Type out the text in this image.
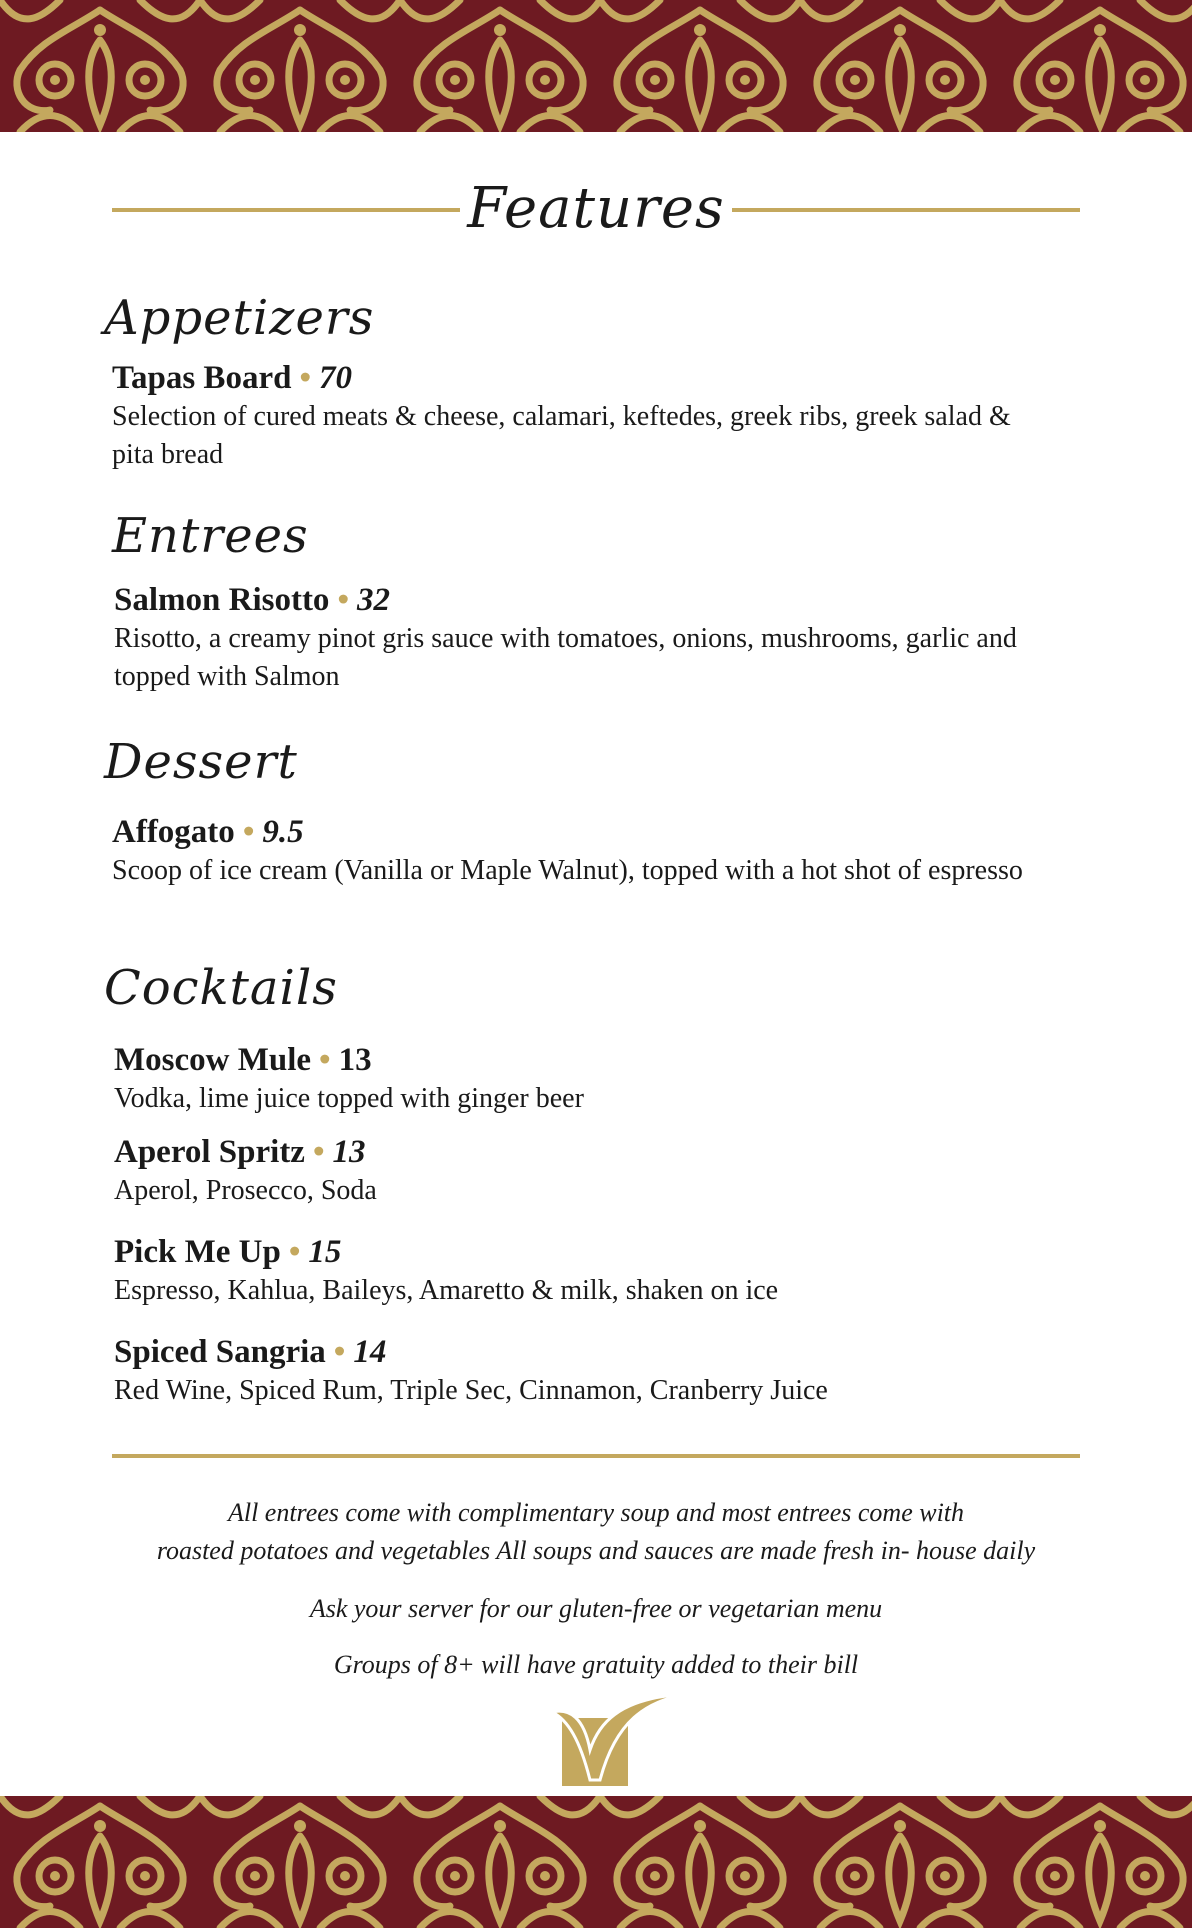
Features
Appetizers
Tapas Board • 70
Selection of cured meats & cheese, calamari, keftedes, greek ribs, greek salad & pita bread
Entrees
Salmon Risotto • 32
Risotto, a creamy pinot gris sauce with tomatoes, onions, mushrooms, garlic and topped with Salmon
Dessert
Affogato • 9.5
Scoop of ice cream (Vanilla or Maple Walnut), topped with a hot shot of espresso
Cocktails
Moscow Mule • 13
Vodka, lime juice topped with ginger beer
Aperol Spritz • 13
Aperol, Prosecco, Soda
Pick Me Up • 15
Espresso, Kahlua, Baileys, Amaretto & milk, shaken on ice
Spiced Sangria • 14
Red Wine, Spiced Rum, Triple Sec, Cinnamon, Cranberry Juice
All entrees come with complimentary soup and most entrees come with
roasted potatoes and vegetables All soups and sauces are made fresh in- house daily
Ask your server for our gluten-free or vegetarian menu
Groups of 8+ will have gratuity added to their bill
